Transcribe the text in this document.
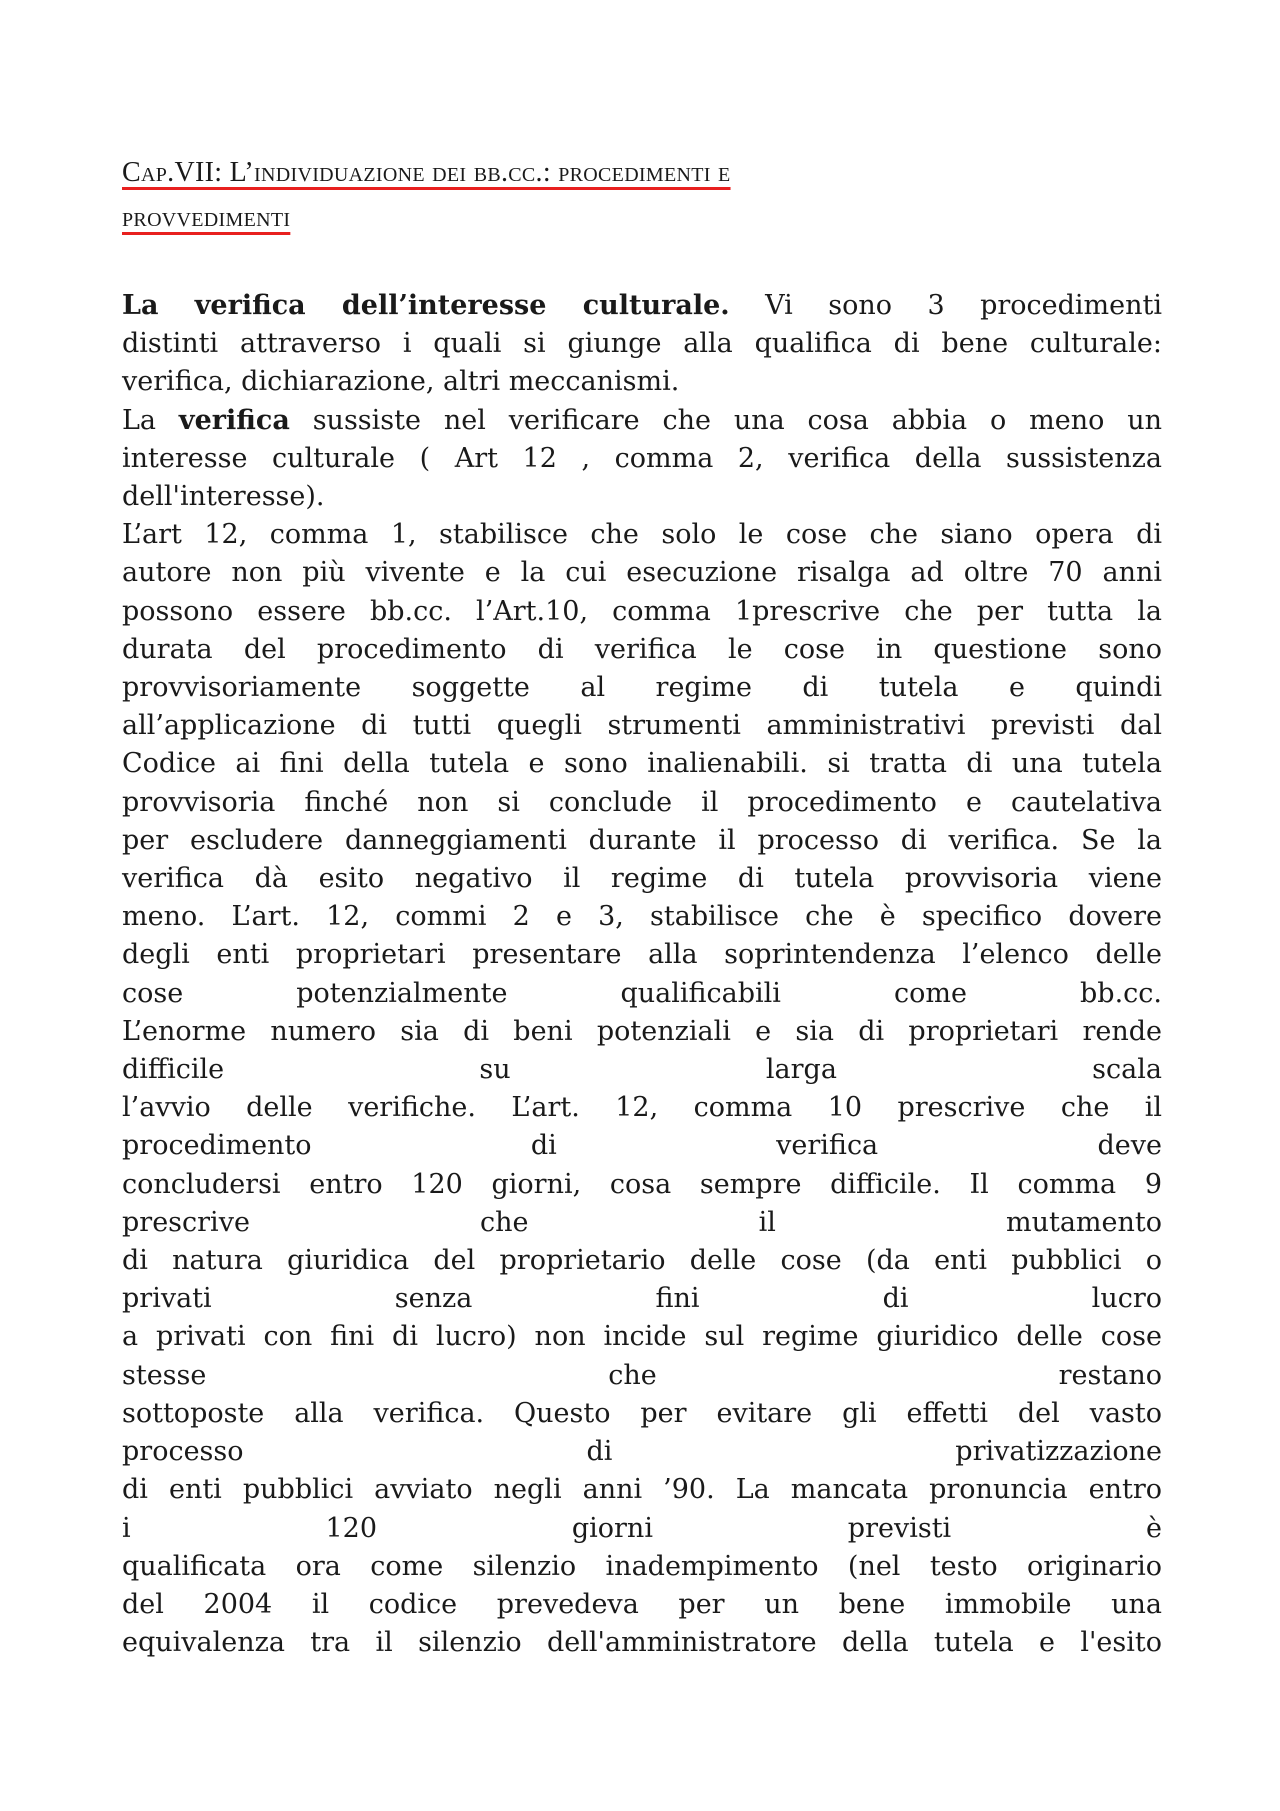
Cap.VII: L’individuazione dei bb.cc.: procedimenti e
provvedimenti
La verifica dell’interesse culturale. Vi sono 3 procedimenti
distinti attraverso i quali si giunge alla qualifica di bene culturale:
verifica, dichiarazione, altri meccanismi.
La verifica sussiste nel verificare che una cosa abbia o meno un
interesse culturale ( Art 12 , comma 2, verifica della sussistenza
dell'interesse).
L’art 12, comma 1, stabilisce che solo le cose che siano opera di
autore non più vivente e la cui esecuzione risalga ad oltre 70 anni
possono essere bb.cc. l’Art.10, comma 1prescrive che per tutta la
durata del procedimento di verifica le cose in questione sono
provvisoriamente soggette al regime di tutela e quindi
all’applicazione di tutti quegli strumenti amministrativi previsti dal
Codice ai fini della tutela e sono inalienabili. si tratta di una tutela
provvisoria finché non si conclude il procedimento e cautelativa
per escludere danneggiamenti durante il processo di verifica. Se la
verifica dà esito negativo il regime di tutela provvisoria viene
meno. L’art. 12, commi 2 e 3, stabilisce che è specifico dovere
degli enti proprietari presentare alla soprintendenza l’elenco delle
cose potenzialmente qualificabili come bb.cc.
L’enorme numero sia di beni potenziali e sia di proprietari rende
difficile su larga scala
l’avvio delle verifiche. L’art. 12, comma 10 prescrive che il
procedimento di verifica deve
concludersi entro 120 giorni, cosa sempre difficile. Il comma 9
prescrive che il mutamento
di natura giuridica del proprietario delle cose (da enti pubblici o
privati senza fini di lucro
a privati con fini di lucro) non incide sul regime giuridico delle cose
stesse che restano
sottoposte alla verifica. Questo per evitare gli effetti del vasto
processo di privatizzazione
di enti pubblici avviato negli anni ’90. La mancata pronuncia entro
i 120 giorni previsti è
qualificata ora come silenzio inadempimento (nel testo originario
del 2004 il codice prevedeva per un bene immobile una
equivalenza tra il silenzio dell'amministratore della tutela e l'esito
